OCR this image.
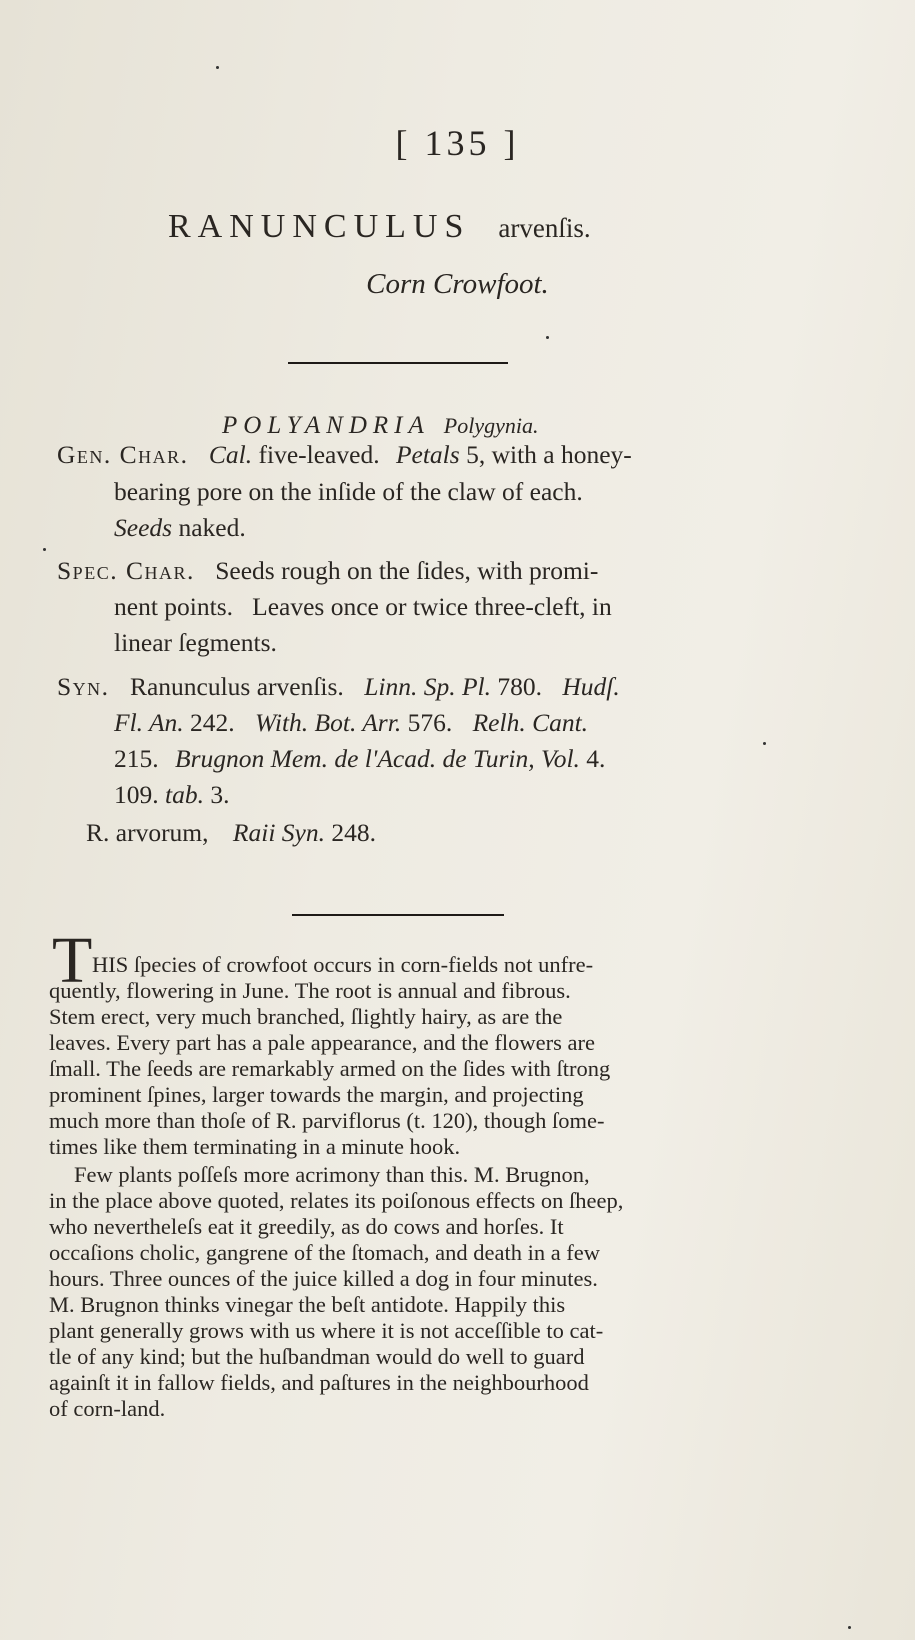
[ 135 ]
RANUNCULUS arvenſis.
Corn Crowfoot.
POLYANDRIA Polygynia.
Gen. Char. Cal. five-leaved. Petals 5, with a honey-
bearing pore on the inſide of the claw of each.
Seeds naked.
Spec. Char. Seeds rough on the ſides, with promi-
nent points.   Leaves once or twice three-cleft, in
linear ſegments.
Syn. Ranunculus arvenſis. Linn. Sp. Pl. 780. Hudſ.
Fl. An. 242. With. Bot. Arr. 576. Relh. Cant.
215. Brugnon Mem. de l'Acad. de Turin, Vol. 4.
109. tab. 3.
R. arvorum, Raii Syn. 248.
T HIS ſpecies of crowfoot occurs in corn-fields not unfre-
quently, flowering in June. The root is annual and fibrous.
Stem erect, very much branched, ſlightly hairy, as are the
leaves. Every part has a pale appearance, and the flowers are
ſmall. The ſeeds are remarkably armed on the ſides with ſtrong
prominent ſpines, larger towards the margin, and projecting
much more than thoſe of R. parviflorus (t. 120), though ſome-
times like them terminating in a minute hook.
Few plants poſſeſs more acrimony than this. M. Brugnon,
in the place above quoted, relates its poiſonous effects on ſheep,
who nevertheleſs eat it greedily, as do cows and horſes. It
occaſions cholic, gangrene of the ſtomach, and death in a few
hours. Three ounces of the juice killed a dog in four minutes.
M. Brugnon thinks vinegar the beſt antidote. Happily this
plant generally grows with us where it is not acceſſible to cat-
tle of any kind; but the huſbandman would do well to guard
againſt it in fallow fields, and paſtures in the neighbourhood
of corn-land.
